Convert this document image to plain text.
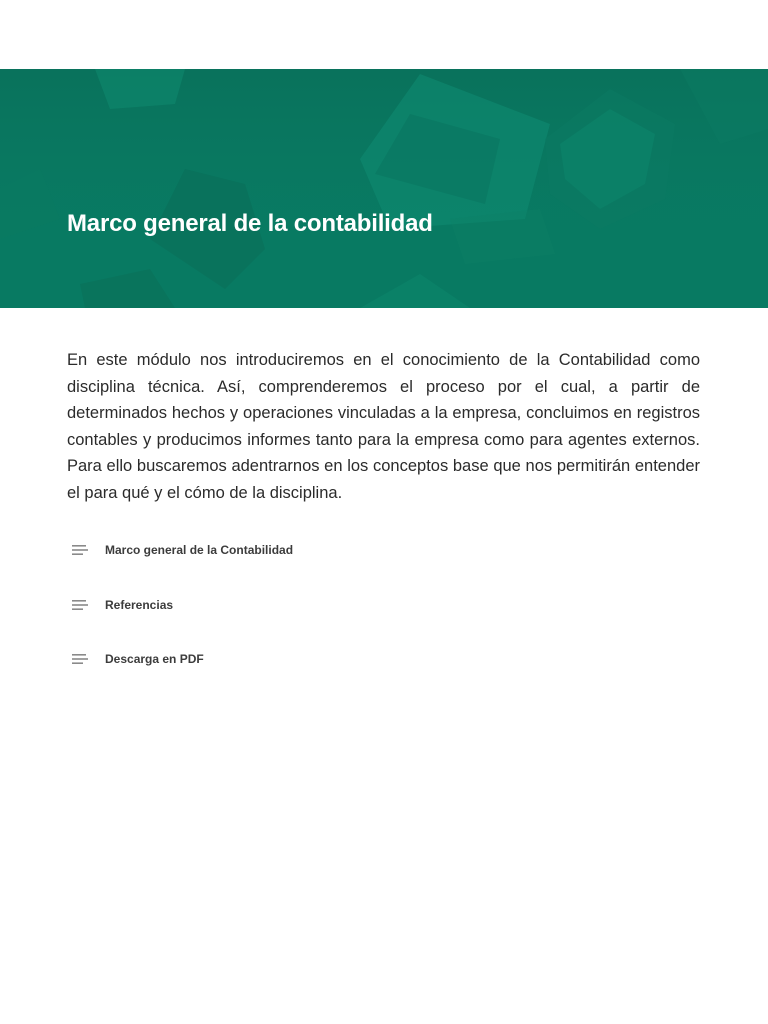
Marco general de la contabilidad

En este módulo nos introduciremos en el conocimiento de la Contabilidad como disciplina técnica. Así, comprenderemos el proceso por el cual, a partir de determinados hechos y operaciones vinculadas a la empresa, concluimos en registros contables y producimos informes tanto para la empresa como para agentes externos. Para ello buscaremos adentrarnos en los conceptos base que nos permitirán entender el para qué y el cómo de la disciplina.

Marco general de la Contabilidad
Referencias
Descarga en PDF
